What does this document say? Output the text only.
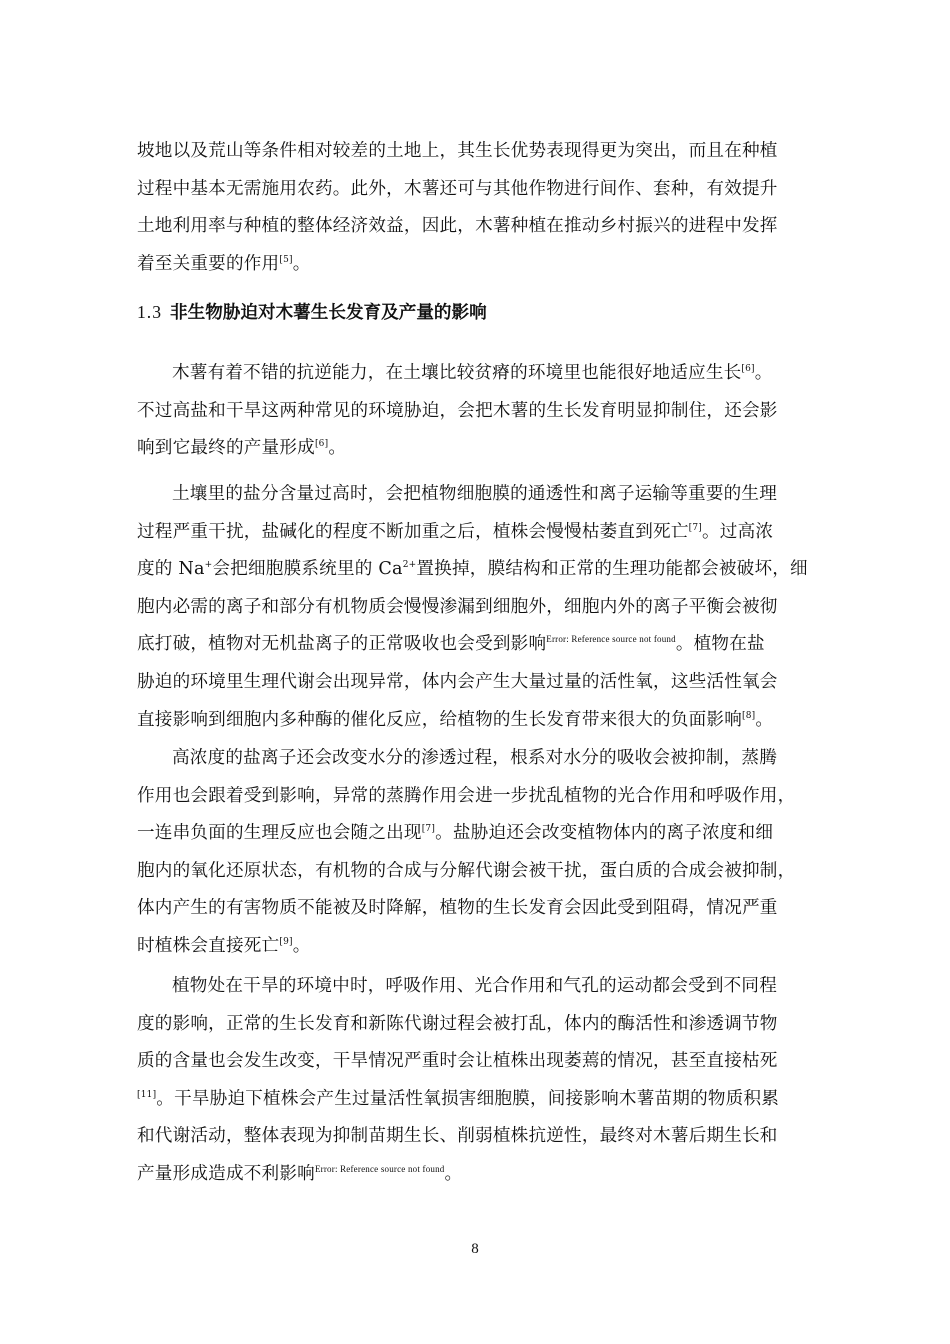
坡地以及荒山等条件相对较差的土地上，其生长优势表现得更为突出，而且在种植
过程中基本无需施用农药。此外，木薯还可与其他作物进行间作、套种，有效提升
土地利用率与种植的整体经济效益，因此，木薯种植在推动乡村振兴的进程中发挥
着至关重要的作用[5]。

1.3 非生物胁迫对木薯生长发育及产量的影响

木薯有着不错的抗逆能力，在土壤比较贫瘠的环境里也能很好地适应生长[6]。
不过高盐和干旱这两种常见的环境胁迫，会把木薯的生长发育明显抑制住，还会影
响到它最终的产量形成[6]。

土壤里的盐分含量过高时，会把植物细胞膜的通透性和离子运输等重要的生理
过程严重干扰，盐碱化的程度不断加重之后，植株会慢慢枯萎直到死亡[7]。过高浓
度的 Na+会把细胞膜系统里的 $Ca^{2+}$置换掉，膜结构和正常的生理功能都会被破坏，细
胞内必需的离子和部分有机物质会慢慢渗漏到细胞外，细胞内外的离子平衡会被彻
底打破，植物对无机盐离子的正常吸收也会受到影响$^{Error: Reference source not found}$。植物在盐
胁迫的环境里生理代谢会出现异常，体内会产生大量过量的活性氧，这些活性氧会
直接影响到细胞内多种酶的催化反应，给植物的生长发育带来很大的负面影响[8]。

高浓度的盐离子还会改变水分的渗透过程，根系对水分的吸收会被抑制，蒸腾
作用也会跟着受到影响，异常的蒸腾作用会进一步扰乱植物的光合作用和呼吸作用，
一连串负面的生理反应也会随之出现[7]。盐胁迫还会改变植物体内的离子浓度和细
胞内的氧化还原状态，有机物的合成与分解代谢会被干扰，蛋白质的合成会被抑制，
体内产生的有害物质不能被及时降解，植物的生长发育会因此受到阻碍，情况严重
时植株会直接死亡[9]。

植物处在干旱的环境中时，呼吸作用、光合作用和气孔的运动都会受到不同程
度的影响，正常的生长发育和新陈代谢过程会被打乱，体内的酶活性和渗透调节物
质的含量也会发生改变，干旱情况严重时会让植株出现萎蔫的情况，甚至直接枯死
[11]。干旱胁迫下植株会产生过量活性氧损害细胞膜，间接影响木薯苗期的物质积累
和代谢活动，整体表现为抑制苗期生长、削弱植株抗逆性，最终对木薯后期生长和
产量形成造成不利影响$^{Error: Reference source not found}$。

8
